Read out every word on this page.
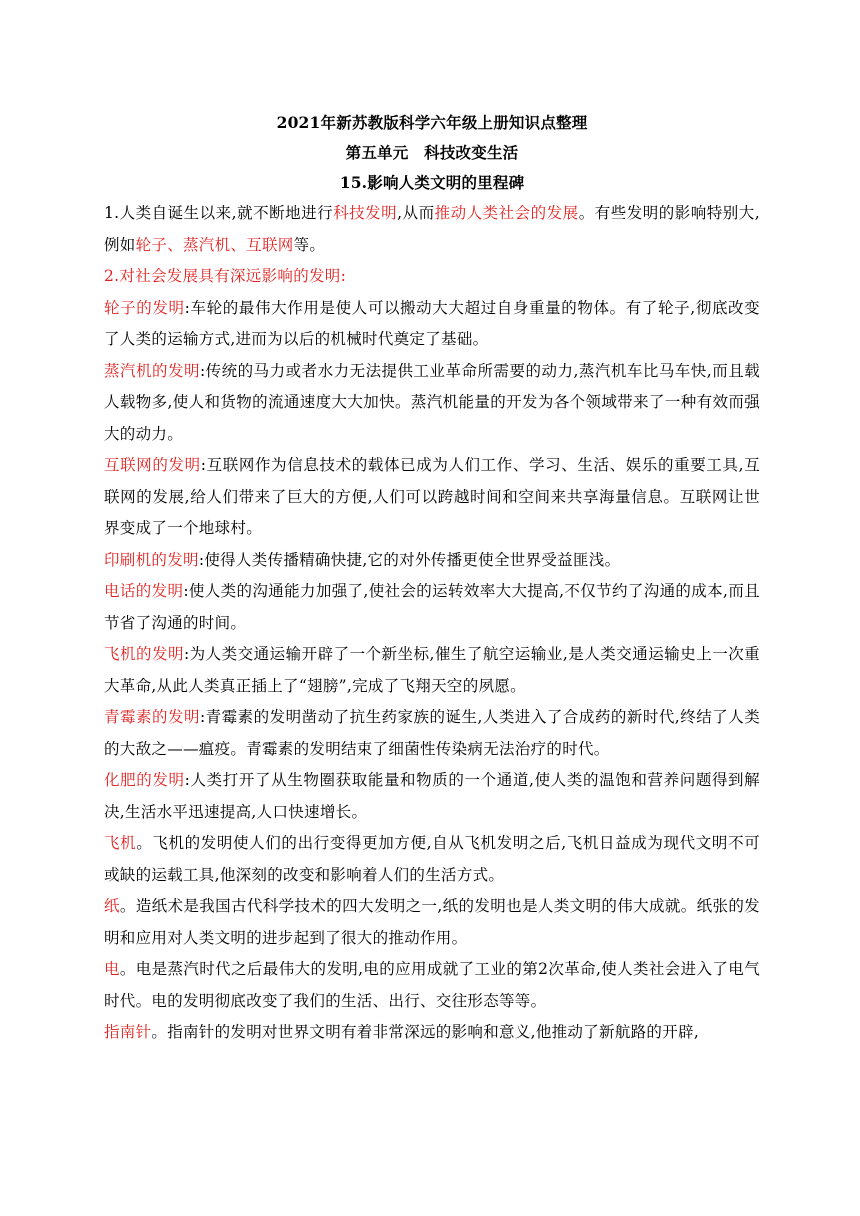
2021年新苏教版科学六年级上册知识点整理
第五单元　科技改变生活
15.影响人类文明的里程碑
1.人类自诞生以来,就不断地进行科技发明,从而推动人类社会的发展。有些发明的影响特别大,例如轮子、蒸汽机、互联网等。
2.对社会发展具有深远影响的发明:
轮子的发明:车轮的最伟大作用是使人可以搬动大大超过自身重量的物体。有了轮子,彻底改变了人类的运输方式,进而为以后的机械时代奠定了基础。
蒸汽机的发明:传统的马力或者水力无法提供工业革命所需要的动力,蒸汽机车比马车快,而且载人载物多,使人和货物的流通速度大大加快。蒸汽机能量的开发为各个领域带来了一种有效而强大的动力。
互联网的发明:互联网作为信息技术的载体已成为人们工作、学习、生活、娱乐的重要工具,互联网的发展,给人们带来了巨大的方便,人们可以跨越时间和空间来共享海量信息。互联网让世界变成了一个地球村。
印刷机的发明:使得人类传播精确快捷,它的对外传播更使全世界受益匪浅。
电话的发明:使人类的沟通能力加强了,使社会的运转效率大大提高,不仅节约了沟通的成本,而且节省了沟通的时间。
飞机的发明:为人类交通运输开辟了一个新坐标,催生了航空运输业,是人类交通运输史上一次重大革命,从此人类真正插上了“翅膀”,完成了飞翔天空的夙愿。
青霉素的发明:青霉素的发明凿动了抗生药家族的诞生,人类进入了合成药的新时代,终结了人类的大敌之——瘟疫。青霉素的发明结束了细菌性传染病无法治疗的时代。
化肥的发明:人类打开了从生物圈获取能量和物质的一个通道,使人类的温饱和营养问题得到解决,生活水平迅速提高,人口快速增长。
飞机。飞机的发明使人们的出行变得更加方便,自从飞机发明之后,飞机日益成为现代文明不可或缺的运载工具,他深刻的改变和影响着人们的生活方式。
纸。造纸术是我国古代科学技术的四大发明之一,纸的发明也是人类文明的伟大成就。纸张的发明和应用对人类文明的进步起到了很大的推动作用。
电。电是蒸汽时代之后最伟大的发明,电的应用成就了工业的第2次革命,使人类社会进入了电气时代。电的发明彻底改变了我们的生活、出行、交往形态等等。
指南针。指南针的发明对世界文明有着非常深远的影响和意义,他推动了新航路的开辟,
